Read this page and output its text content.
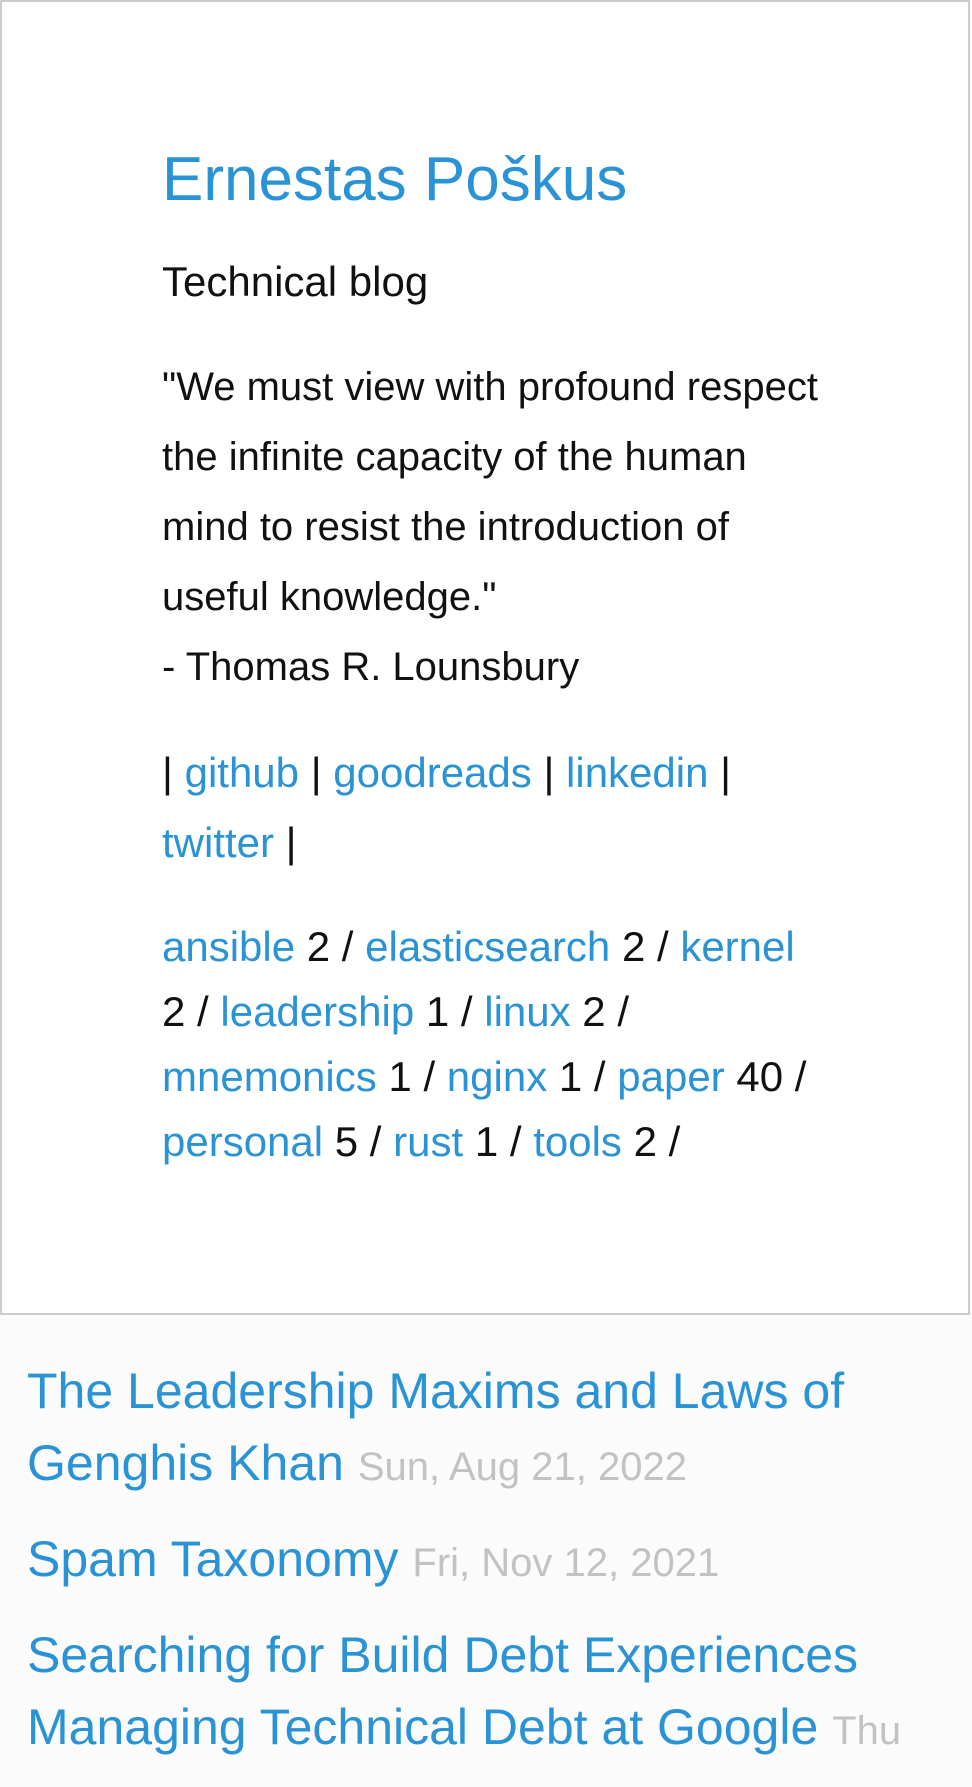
Ernestas Poškus
Technical blog
"We must view with profound respect the infinite capacity of the human mind to resist the introduction of useful knowledge."
- Thomas R. Lounsbury
| github | goodreads | linkedin | twitter |
ansible 2 / elasticsearch 2 / kernel 2 / leadership 1 / linux 2 / mnemonics 1 / nginx 1 / paper 40 / personal 5 / rust 1 / tools 2 /
The Leadership Maxims and Laws of Genghis Khan Sun, Aug 21, 2022
Spam Taxonomy Fri, Nov 12, 2021
Searching for Build Debt Experiences Managing Technical Debt at Google Thu
